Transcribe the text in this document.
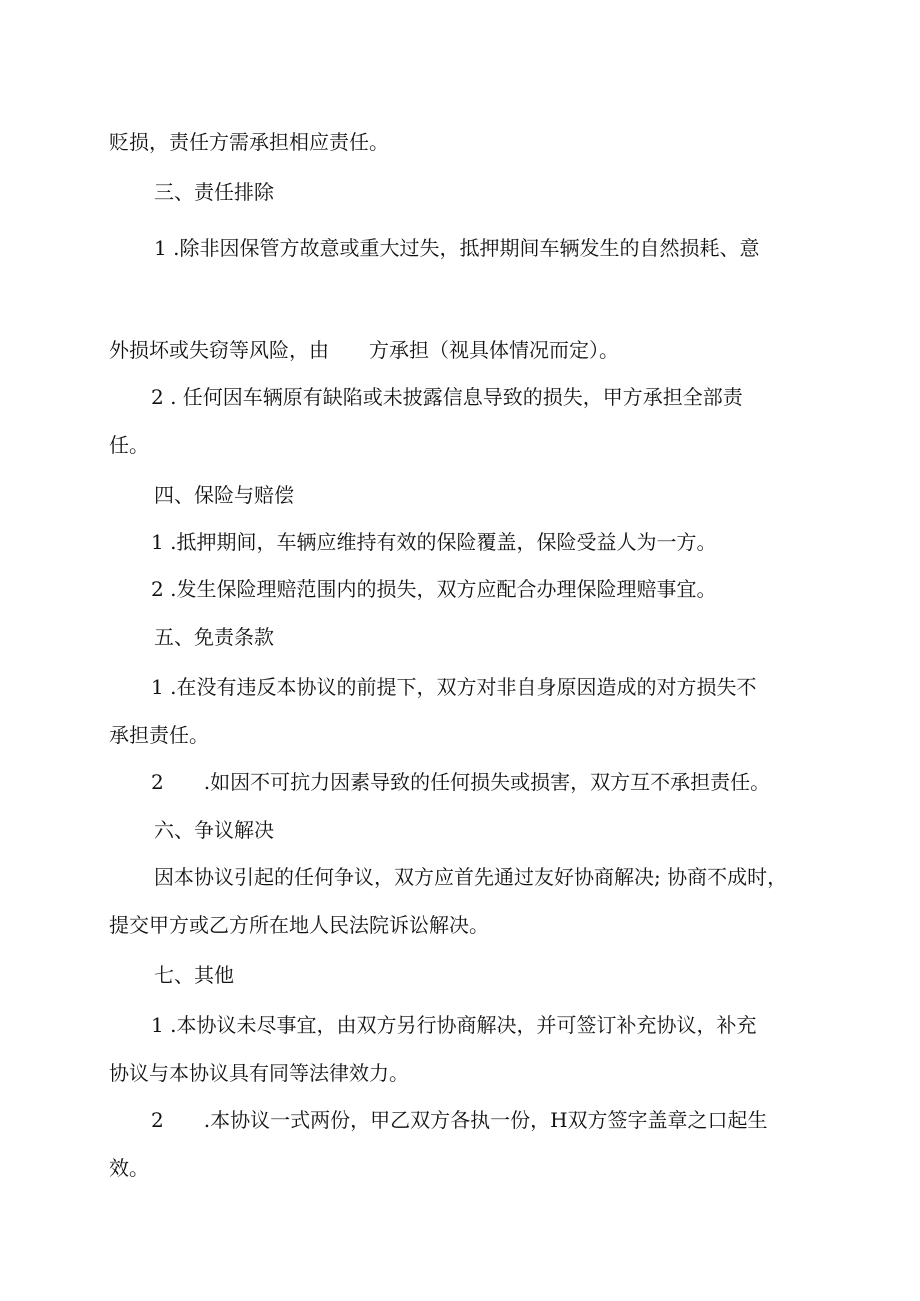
贬损，责任方需承担相应责任。

三、责任排除

1 .除非因保管方故意或重大过失，抵押期间车辆发生的自然损耗、意

外损坏或失窃等风险，由　　方承担（视具体情况而定）。

2 . 任何因车辆原有缺陷或未披露信息导致的损失，甲方承担全部责

任。

四、保险与赔偿

1 .抵押期间，车辆应维持有效的保险覆盖，保险受益人为一方。

2 .发生保险理赔范围内的损失，双方应配合办理保险理赔事宜。

五、免责条款

1 .在没有违反本协议的前提下，双方对非自身原因造成的对方损失不

承担责任。

2　　.如因不可抗力因素导致的任何损失或损害，双方互不承担责任。

六、争议解决

因本协议引起的任何争议，双方应首先通过友好协商解决; 协商不成时，

提交甲方或乙方所在地人民法院诉讼解决。

七、其他

1 .本协议未尽事宜，由双方另行协商解决，并可签订补充协议，补充

协议与本协议具有同等法律效力。

2　　.本协议一式两份，甲乙双方各执一份，H双方签字盖章之口起生

效。
